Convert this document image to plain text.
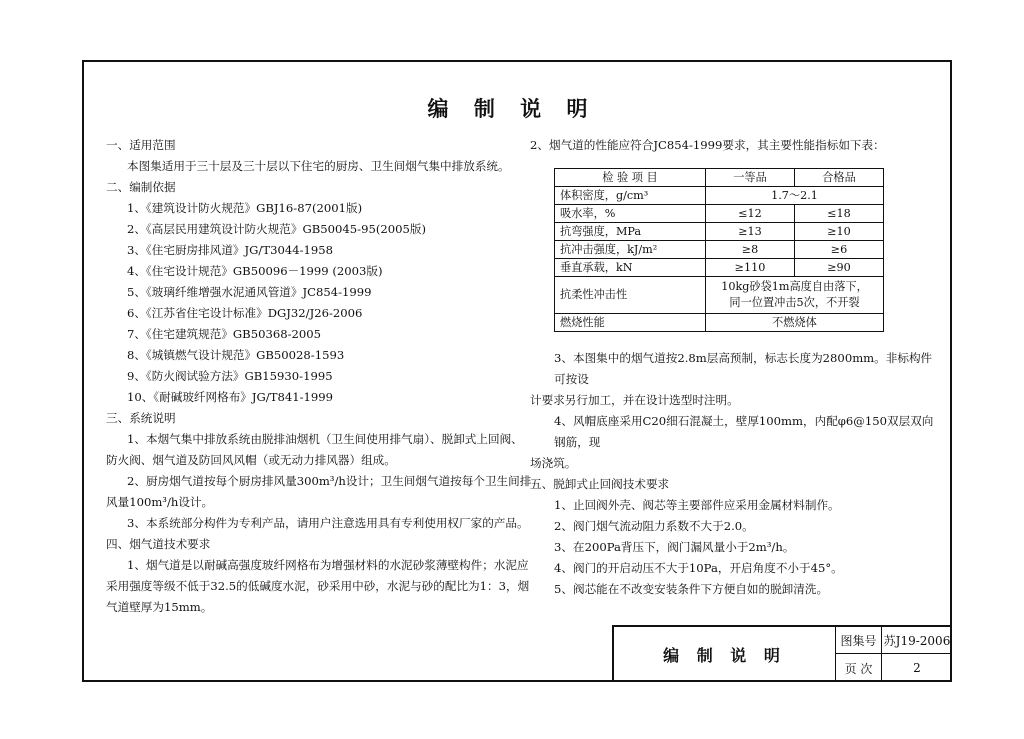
编 制 说 明
一、适用范围
本图集适用于三十层及三十层以下住宅的厨房、卫生间烟气集中排放系统。
二、编制依据
1、《建筑设计防火规范》GBJ16-87(2001版)
2、《高层民用建筑设计防火规范》GB50045-95(2005版)
3、《住宅厨房排风道》JG/T3044-1958
4、《住宅设计规范》GB50096－1999 (2003版)
5、《玻璃纤维增强水泥通风管道》JC854-1999
6、《江苏省住宅设计标准》DGJ32/J26-2006
7、《住宅建筑规范》GB50368-2005
8、《城镇燃气设计规范》GB50028-1593
9、《防火阀试验方法》GB15930-1995
10、《耐碱玻纤网格布》JG/T841-1999
三、系统说明
1、本烟气集中排放系统由脱排油烟机（卫生间使用排气扇）、脱卸式上回阀、
防火阀、烟气道及防回风风帽（或无动力排风器）组成。
2、厨房烟气道按每个厨房排风量300m³/h设计；卫生间烟气道按每个卫生间排
风量100m³/h设计。
3、本系统部分构件为专利产品，请用户注意选用具有专利使用权厂家的产品。
四、烟气道技术要求
1、烟气道是以耐碱高强度玻纤网格布为增强材料的水泥砂浆薄壁构件；水泥应
采用强度等级不低于32.5的低碱度水泥，砂采用中砂，水泥与砂的配比为1：3，烟
气道壁厚为15mm。
2、烟气道的性能应符合JC854-1999要求，其主要性能指标如下表：
检 验 项 目	一等品	合格品
体积密度，g/cm³	1.7～2.1	
吸水率，%	≤12	≤18
抗弯强度，MPa	≥13	≥10
抗冲击强度，kJ/m²	≥8	≥6
垂直承载，kN	≥110	≥90
抗柔性冲击性	10kg砂袋1m高度自由落下，
同一位置冲击5次，不开裂	

燃烧性能	不燃烧体	
3、本图集中的烟气道按2.8m层高预制，标志长度为2800mm。非标构件可按设
计要求另行加工，并在设计选型时注明。
4、风帽底座采用C20细石混凝土，壁厚100mm，内配φ6@150双层双向钢筋，现
场浇筑。
五、脱卸式止回阀技术要求
1、止回阀外壳、阀芯等主要部件应采用金属材料制作。
2、阀门烟气流动阻力系数不大于2.0。
3、在200Pa背压下，阀门漏风量小于2m³/h。
4、阀门的开启动压不大于10Pa，开启角度不小于45°。
5、阀芯能在不改变安装条件下方便自如的脱卸清洗。
编 制 说 明
图集号 苏J19-2006
页 次	2
